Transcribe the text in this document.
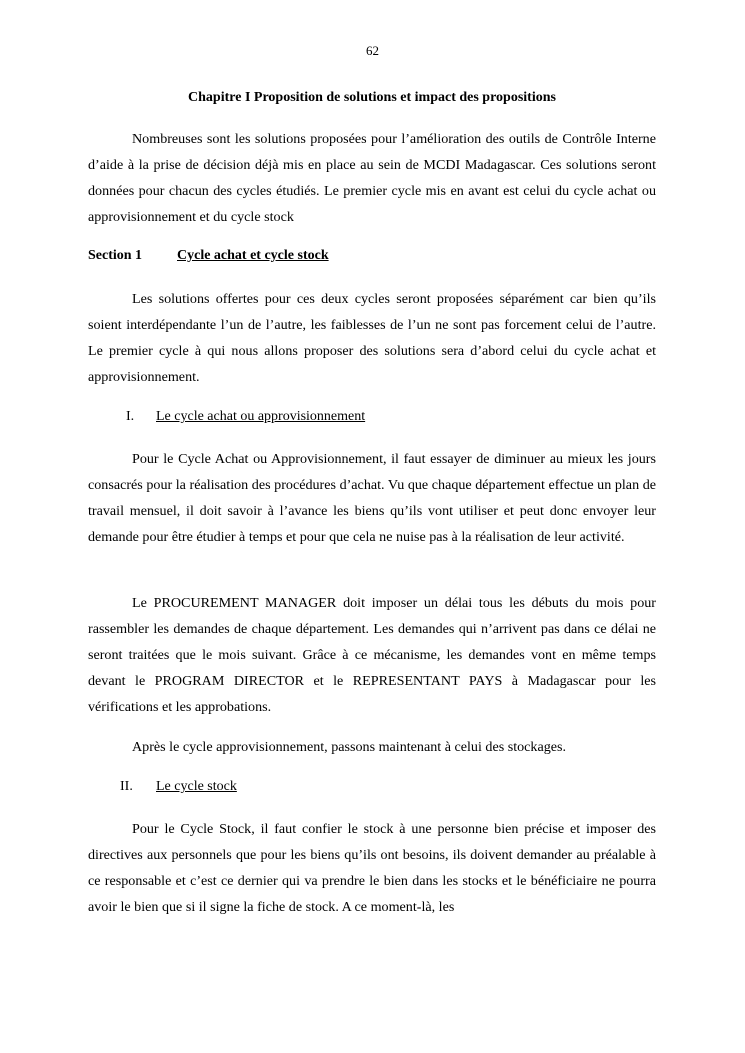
62
Chapitre I Proposition de solutions et impact des propositions

Nombreuses sont les solutions proposées pour l’amélioration des outils de Contrôle Interne d’aide à la prise de décision déjà mis en place au sein de MCDI Madagascar. Ces solutions seront données pour chacun des cycles étudiés. Le premier cycle mis en avant est celui du cycle achat ou approvisionnement et du cycle stock

Section 1 Cycle achat et cycle stock

Les solutions offertes pour ces deux cycles seront proposées séparément car bien qu’ils soient interdépendante l’un de l’autre, les faiblesses de l’un ne sont pas forcement celui de l’autre. Le premier cycle à qui nous allons proposer des solutions sera d’abord celui du cycle achat et approvisionnement.

I. Le cycle achat ou approvisionnement

Pour le Cycle Achat ou Approvisionnement, il faut essayer de diminuer au mieux les jours consacrés pour la réalisation des procédures d’achat. Vu que chaque département effectue un plan de travail mensuel, il doit savoir à l’avance les biens qu’ils vont utiliser et peut donc envoyer leur demande pour être étudier à temps et pour que cela ne nuise pas à la réalisation de leur activité.

Le PROCUREMENT MANAGER doit imposer un délai tous les débuts du mois pour rassembler les demandes de chaque département. Les demandes qui n’arrivent pas dans ce délai ne seront traitées que le mois suivant. Grâce à ce mécanisme, les demandes vont en même temps devant le PROGRAM DIRECTOR et le REPRESENTANT PAYS à Madagascar pour les vérifications et les approbations.

Après le cycle approvisionnement, passons maintenant à celui des stockages.

II. Le cycle stock

Pour le Cycle Stock, il faut confier le stock à une personne bien précise et imposer des directives aux personnels que pour les biens qu’ils ont besoins, ils doivent demander au préalable à ce responsable et c’est ce dernier qui va prendre le bien dans les stocks et le bénéficiaire ne pourra avoir le bien que si il signe la fiche de stock. A ce moment-là, les
